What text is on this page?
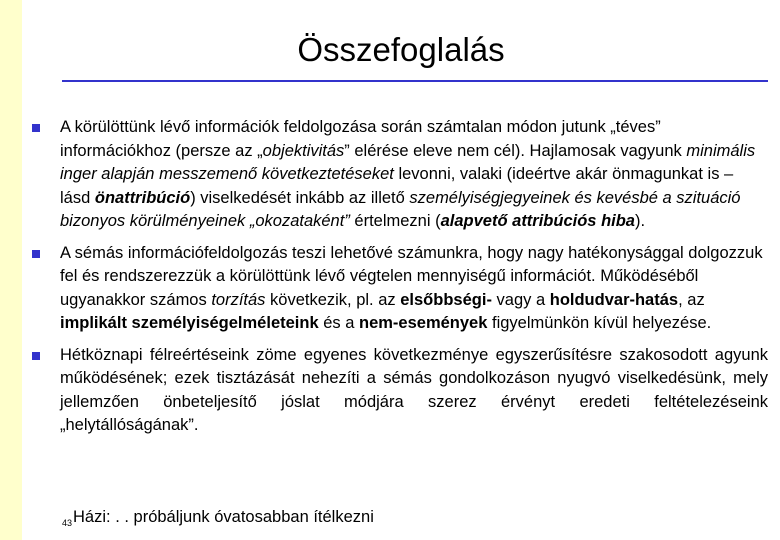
Összefoglalás
A körülöttünk lévő információk feldolgozása során számtalan módon jutunk „téves” információkhoz (persze az „objektivitás” elérése eleve nem cél). Hajlamosak vagyunk minimális inger alapján messzemenő következtetéseket levonni, valaki (ideértve akár önmagunkat is – lásd önattribúció) viselkedését inkább az illető személyiségjegyeinek és kevésbé a szituáció bizonyos körülményeinek „okozataként” értelmezni (alapvető attribúciós hiba).
A sémás információfeldolgozás teszi lehetővé számunkra, hogy nagy hatékonysággal dolgozzuk fel és rendszerezzük a körülöttünk lévő végtelen mennyiségű információt. Működéséből ugyanakkor számos torzítás következik, pl. az elsőbbségi- vagy a holdudvar-hatás, az implikált személyiségelméleteink és a nem-események figyelmünkön kívül helyezése.
Hétköznapi félreértéseink zöme egyenes következménye egyszerűsítésre szakosodott agyunk működésének; ezek tisztázását nehezíti a sémás gondolkozáson nyugvó viselkedésünk, mely jellemzően önbeteljesítő jóslat módjára szerez érvényt eredeti feltételezéseink „helytállóságának”.
$_{43}$Házi: . . próbáljunk óvatosabban ítélkezni
